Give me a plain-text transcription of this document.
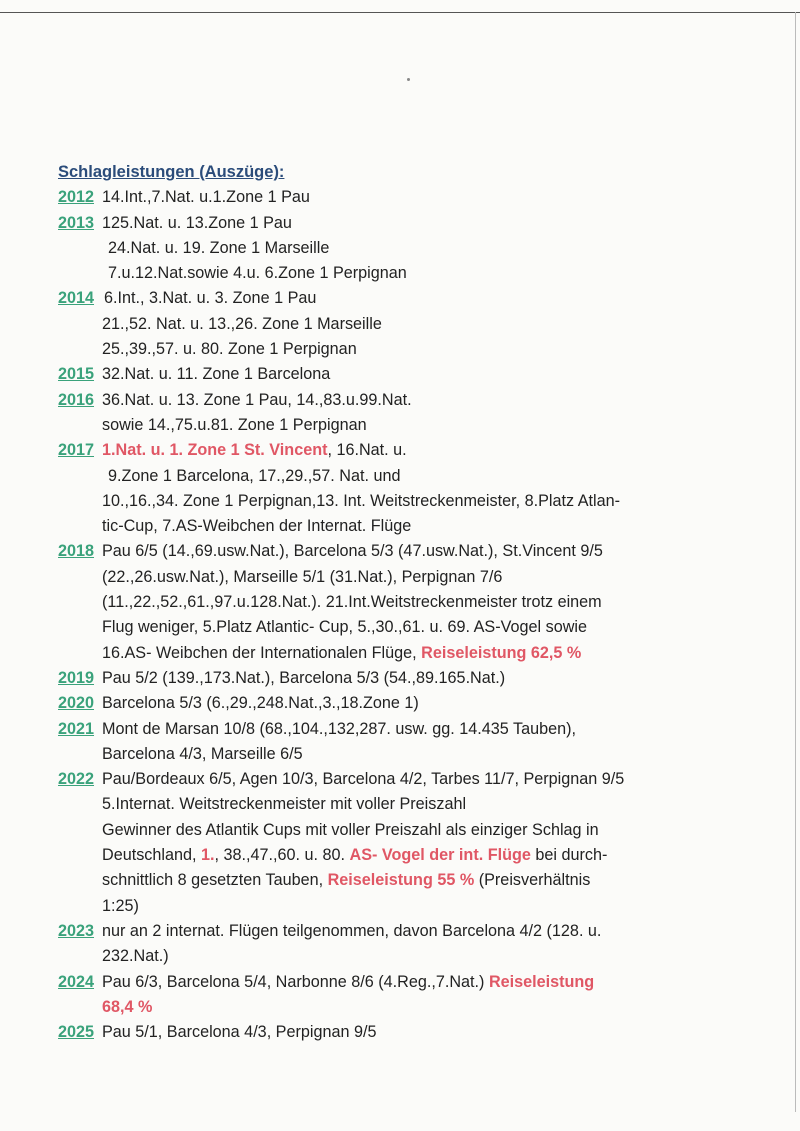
Schlagleistungen (Auszüge):
2012 14.Int.,7.Nat. u.1.Zone 1 Pau
2013 125.Nat. u. 13.Zone 1 Pau
24.Nat. u. 19. Zone 1 Marseille
7.u.12.Nat.sowie 4.u. 6.Zone 1 Perpignan
2014 6.Int., 3.Nat. u. 3. Zone 1 Pau
21.,52. Nat. u. 13.,26. Zone 1 Marseille
25.,39.,57. u. 80. Zone 1 Perpignan
2015 32.Nat. u. 11. Zone 1 Barcelona
2016 36.Nat. u. 13. Zone 1 Pau, 14.,83.u.99.Nat.
sowie 14.,75.u.81. Zone 1 Perpignan
2017 1.Nat. u. 1. Zone 1 St. Vincent, 16.Nat. u.
9.Zone 1 Barcelona, 17.,29.,57. Nat. und
10.,16.,34. Zone 1 Perpignan,13. Int. Weitstreckenmeister, 8.Platz Atlan-
tic-Cup, 7.AS-Weibchen der Internat. Flüge
2018 Pau 6/5 (14.,69.usw.Nat.), Barcelona 5/3 (47.usw.Nat.), St.Vincent 9/5
(22.,26.usw.Nat.), Marseille 5/1 (31.Nat.), Perpignan 7/6
(11.,22.,52.,61.,97.u.128.Nat.). 21.Int.Weitstreckenmeister trotz einem
Flug weniger, 5.Platz Atlantic- Cup, 5.,30.,61. u. 69. AS-Vogel sowie
16.AS- Weibchen der Internationalen Flüge, Reiseleistung 62,5 %
2019 Pau 5/2 (139.,173.Nat.), Barcelona 5/3 (54.,89.165.Nat.)
2020 Barcelona 5/3 (6.,29.,248.Nat.,3.,18.Zone 1)
2021 Mont de Marsan 10/8 (68.,104.,132,287. usw. gg. 14.435 Tauben),
Barcelona 4/3, Marseille 6/5
2022 Pau/Bordeaux 6/5, Agen 10/3, Barcelona 4/2, Tarbes 11/7, Perpignan 9/5
5.Internat. Weitstreckenmeister mit voller Preiszahl
Gewinner des Atlantik Cups mit voller Preiszahl als einziger Schlag in
Deutschland, 1., 38.,47.,60. u. 80. AS- Vogel der int. Flüge bei durch-
schnittlich 8 gesetzten Tauben, Reiseleistung 55 % (Preisverhältnis
1:25)
2023 nur an 2 internat. Flügen teilgenommen, davon Barcelona 4/2 (128. u.
232.Nat.)
2024 Pau 6/3, Barcelona 5/4, Narbonne 8/6 (4.Reg.,7.Nat.) Reiseleistung
68,4 %
2025 Pau 5/1, Barcelona 4/3, Perpignan 9/5
